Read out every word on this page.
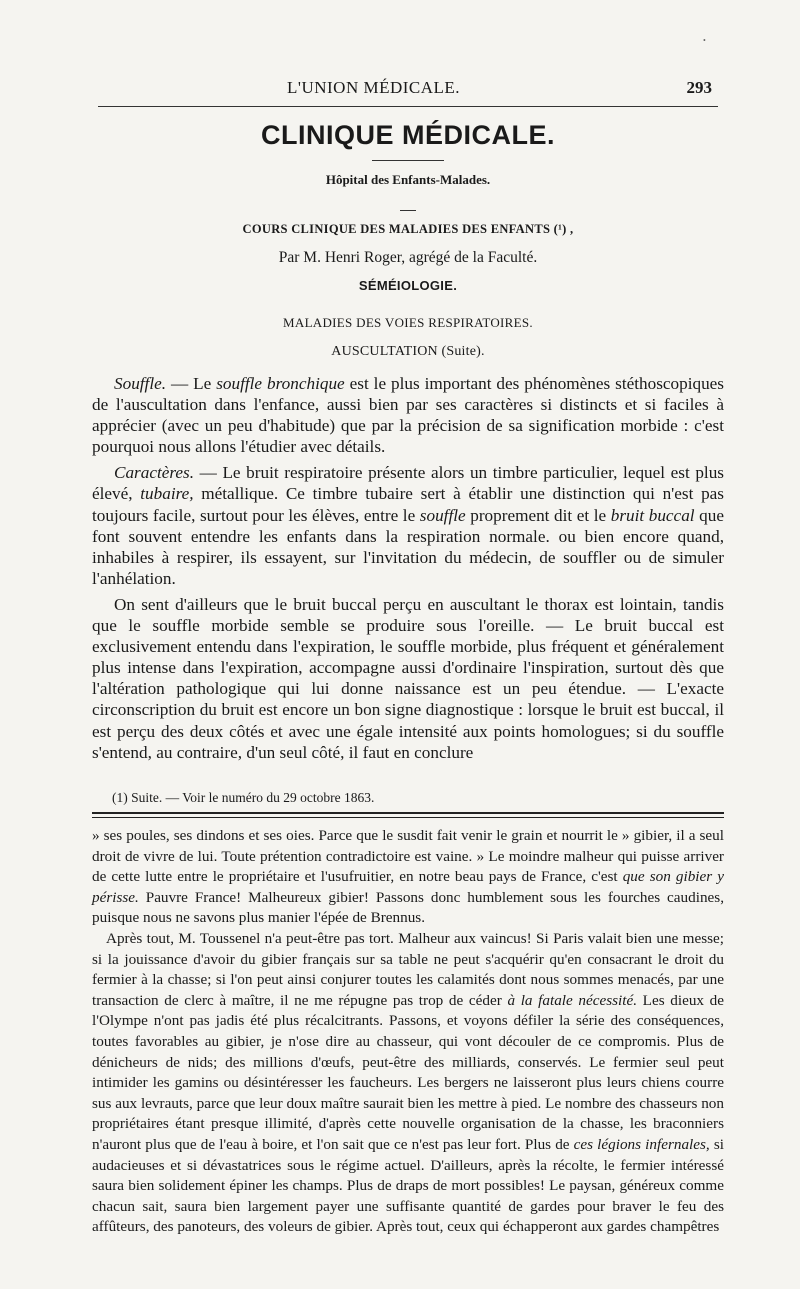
•
L'UNION MÉDICALE.	293
CLINIQUE MÉDICALE.
Hôpital des Enfants-Malades.
COURS CLINIQUE DES MALADIES DES ENFANTS (¹) ,
Par M. Henri Roger, agrégé de la Faculté.
SÉMÉIOLOGIE.
MALADIES DES VOIES RESPIRATOIRES.
AUSCULTATION (Suite).

Souffle. — Le souffle bronchique est le plus important des phénomènes stéthoscopiques de l'auscultation dans l'enfance, aussi bien par ses caractères si distincts et si faciles à apprécier (avec un peu d'habitude) que par la précision de sa signification morbide : c'est pourquoi nous allons l'étudier avec détails.

Caractères. — Le bruit respiratoire présente alors un timbre particulier, lequel est plus élevé, tubaire, métallique. Ce timbre tubaire sert à établir une distinction qui n'est pas toujours facile, surtout pour les élèves, entre le souffle proprement dit et le bruit buccal que font souvent entendre les enfants dans la respiration normale. ou bien encore quand, inhabiles à respirer, ils essayent, sur l'invitation du médecin, de souffler ou de simuler l'anhélation.

On sent d'ailleurs que le bruit buccal perçu en auscultant le thorax est lointain, tandis que le souffle morbide semble se produire sous l'oreille. — Le bruit buccal est exclusivement entendu dans l'expiration, le souffle morbide, plus fréquent et généralement plus intense dans l'expiration, accompagne aussi d'ordinaire l'inspiration, surtout dès que l'altération pathologique qui lui donne naissance est un peu étendue. — L'exacte circonscription du bruit est encore un bon signe diagnostique : lorsque le bruit est buccal, il est perçu des deux côtés et avec une égale intensité aux points homologues; si du souffle s'entend, au contraire, d'un seul côté, il faut en conclure

(1) Suite. — Voir le numéro du 29 octobre 1863.

» ses poules, ses dindons et ses oies. Parce que le susdit fait venir le grain et nourrit le » gibier, il a seul droit de vivre de lui. Toute prétention contradictoire est vaine. » Le moindre malheur qui puisse arriver de cette lutte entre le propriétaire et l'usufruitier, en notre beau pays de France, c'est que son gibier y périsse. Pauvre France! Malheureux gibier! Passons donc humblement sous les fourches caudines, puisque nous ne savons plus manier l'épée de Brennus.

Après tout, M. Toussenel n'a peut-être pas tort. Malheur aux vaincus! Si Paris valait bien une messe; si la jouissance d'avoir du gibier français sur sa table ne peut s'acquérir qu'en consacrant le droit du fermier à la chasse; si l'on peut ainsi conjurer toutes les calamités dont nous sommes menacés, par une transaction de clerc à maître, il ne me répugne pas trop de céder à la fatale nécessité. Les dieux de l'Olympe n'ont pas jadis été plus récalcitrants. Passons, et voyons défiler la série des conséquences, toutes favorables au gibier, je n'ose dire au chasseur, qui vont découler de ce compromis. Plus de dénicheurs de nids; des millions d'œufs, peut-être des milliards, conservés. Le fermier seul peut intimider les gamins ou désintéresser les faucheurs. Les bergers ne laisseront plus leurs chiens courre sus aux levrauts, parce que leur doux maître saurait bien les mettre à pied. Le nombre des chasseurs non propriétaires étant presque illimité, d'après cette nouvelle organisation de la chasse, les braconniers n'auront plus que de l'eau à boire, et l'on sait que ce n'est pas leur fort. Plus de ces légions infernales, si audacieuses et si dévastatrices sous le régime actuel. D'ailleurs, après la récolte, le fermier intéressé saura bien solidement épiner les champs. Plus de draps de mort possibles! Le paysan, généreux comme chacun sait, saura bien largement payer une suffisante quantité de gardes pour braver le feu des affûteurs, des panoteurs, des voleurs de gibier. Après tout, ceux qui échapperont aux gardes champêtres
